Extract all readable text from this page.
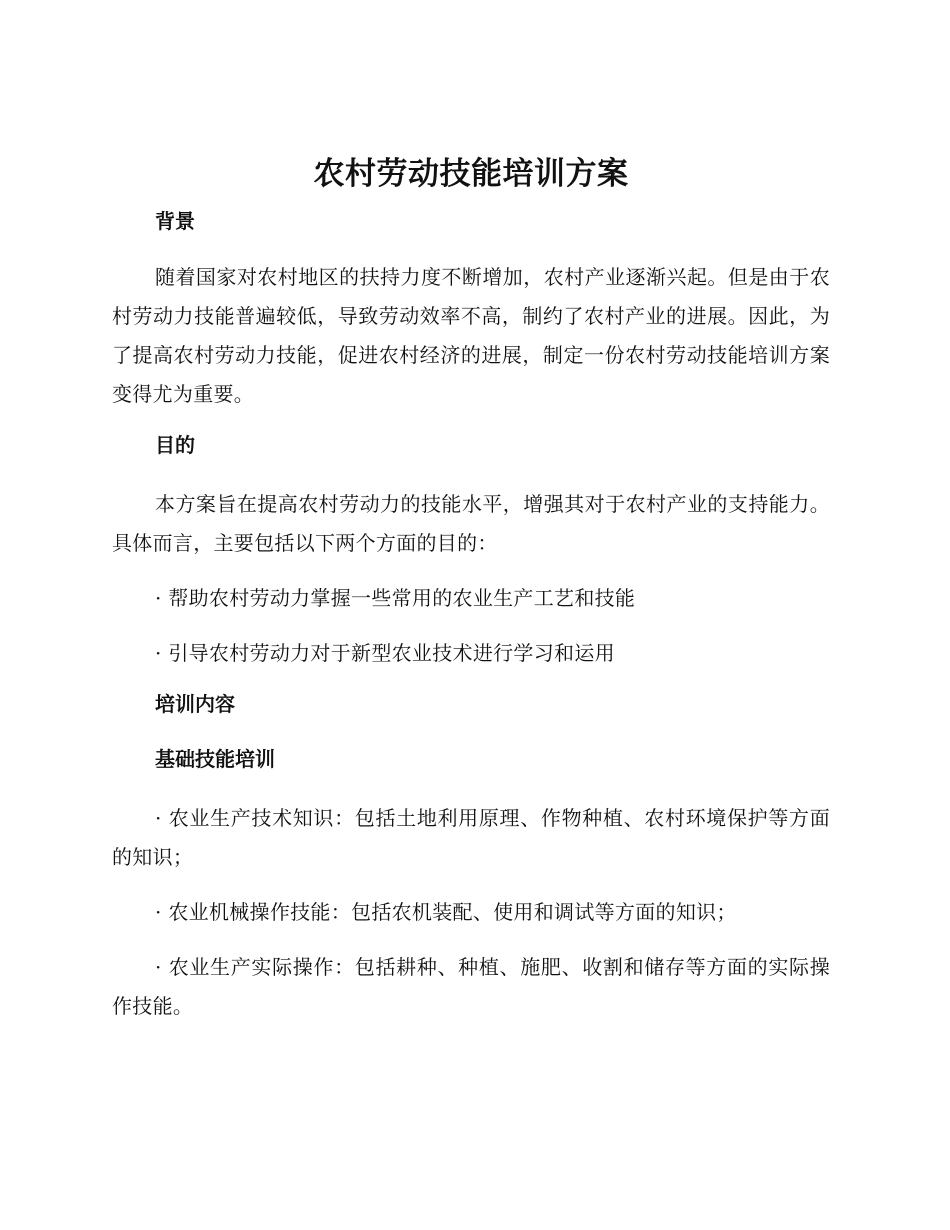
农村劳动技能培训方案
背景

随着国家对农村地区的扶持力度不断增加，农村产业逐渐兴起。但是由于农村劳动力技能普遍较低，导致劳动效率不高，制约了农村产业的进展。因此，为了提高农村劳动力技能，促进农村经济的进展，制定一份农村劳动技能培训方案变得尤为重要。

目的

本方案旨在提高农村劳动力的技能水平，增强其对于农村产业的支持能力。具体而言，主要包括以下两个方面的目的：

· 帮助农村劳动力掌握一些常用的农业生产工艺和技能

· 引导农村劳动力对于新型农业技术进行学习和运用

培训内容
基础技能培训

· 农业生产技术知识：包括土地利用原理、作物种植、农村环境保护等方面的知识；

· 农业机械操作技能：包括农机装配、使用和调试等方面的知识；

· 农业生产实际操作：包括耕种、种植、施肥、收割和储存等方面的实际操作技能。
